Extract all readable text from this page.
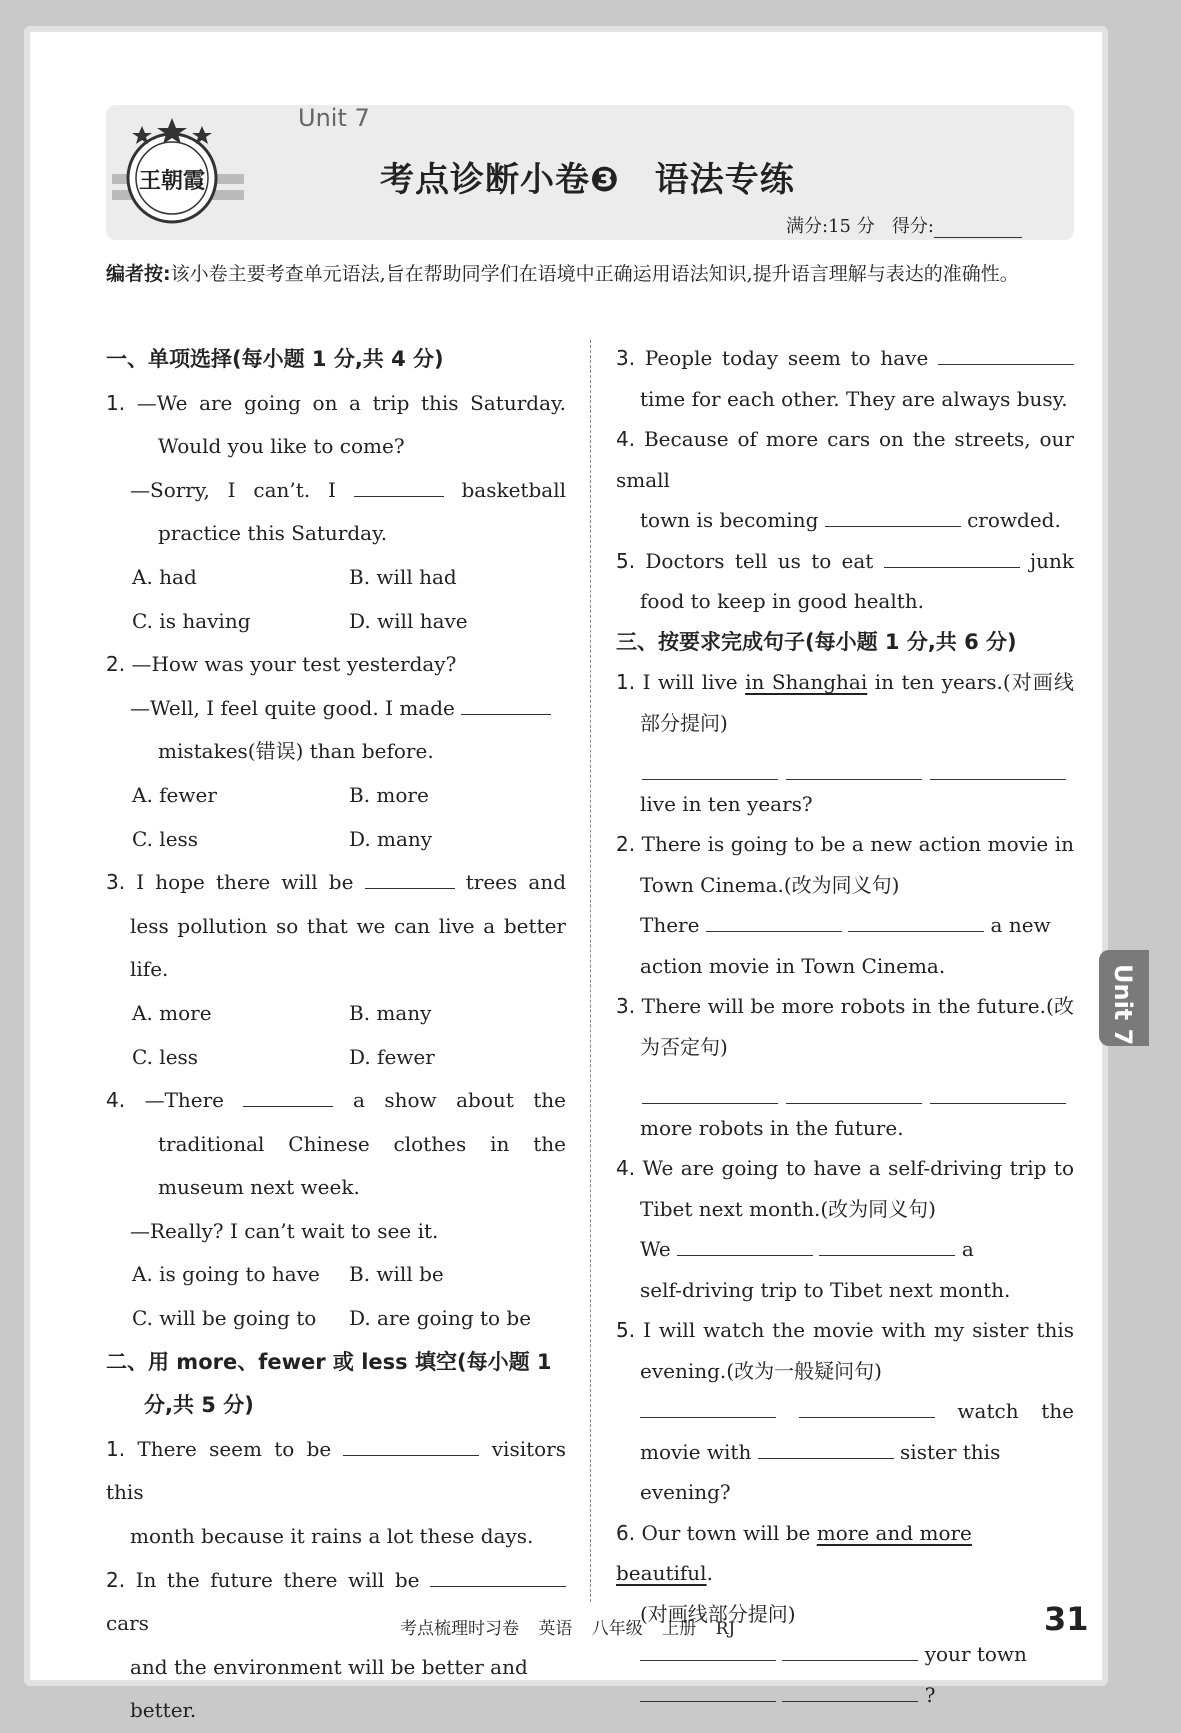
王朝霞
Unit 7
考点诊断小卷❸　语法专练
满分:15 分 得分:
编者按:该小卷主要考查单元语法,旨在帮助同学们在语境中正确运用语法知识,提升语言理解与表达的准确性。
一、单项选择(每小题 1 分,共 4 分)
1. —We are going on a trip this Saturday.
Would you like to come?
—Sorry, I can’t. I	basketball
practice this Saturday.
A. had	B. will had
C. is having	D. will have
2. —How was your test yesterday?
—Well, I feel quite good. I made
mistakes(错误) than before.
A. fewer	B. more
C. less	D. many
3. I hope there will be	trees and
less pollution so that we can live a better
life.
A. more	B. many
C. less	D. fewer
4. —There	a show about the
traditional Chinese clothes in the
museum next week.
—Really? I can’t wait to see it.
A. is going to have	B. will be
C. will be going to	D. are going to be
二、用 more、fewer 或 less 填空(每小题 1
分,共 5 分)
1. There seem to be	visitors this
month because it rains a lot these days.
2. In the future there will be  cars
and the environment will be better and better.
3. People today seem to have
time for each other. They are always busy.
4. Because of more cars on the streets, our small
town is becoming	crowded.
5. Doctors tell us to eat	junk
food to keep in good health.
三、按要求完成句子(每小题 1 分,共 6 分)
1. I will live in Shanghai in ten years.(对画线
部分提问)
live in ten years?
2. There is going to be a new action movie in
Town Cinema.(改为同义句)
There	a new
action movie in Town Cinema.
3. There will be more robots in the future.(改
为否定句)
more robots in the future.
4. We are going to have a self-driving trip to
Tibet next month.(改为同义句)
We	a
self-driving trip to Tibet next month.
5. I will watch the movie with my sister this
evening.(改为一般疑问句)
watch the
movie with	sister this evening?
6. Our town will be more and more beautiful.
(对画线部分提问)
your town
?
Unit 7
考点梳理时习卷 英语 八年级 上册 RJ	31
